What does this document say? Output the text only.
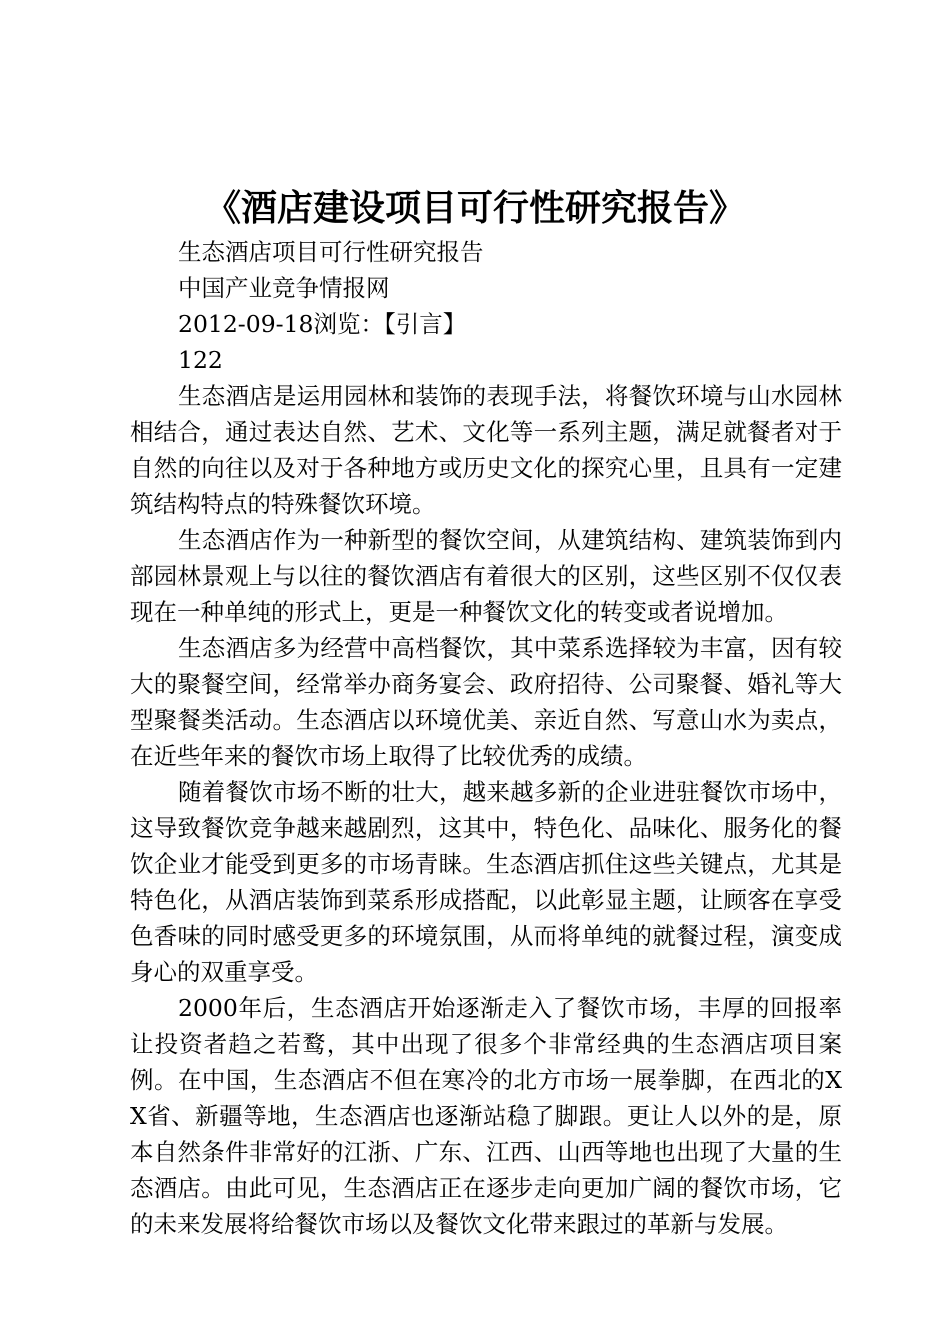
《酒店建设项目可行性研究报告》

生态酒店项目可行性研究报告

中国产业竞争情报网

2012-09-18浏览：【引言】

122

生态酒店是运用园林和装饰的表现手法，将餐饮环境与山水园林相结合，通过表达自然、艺术、文化等一系列主题，满足就餐者对于自然的向往以及对于各种地方或历史文化的探究心里，且具有一定建筑结构特点的特殊餐饮环境。

生态酒店作为一种新型的餐饮空间，从建筑结构、建筑装饰到内部园林景观上与以往的餐饮酒店有着很大的区别，这些区别不仅仅表现在一种单纯的形式上，更是一种餐饮文化的转变或者说增加。

生态酒店多为经营中高档餐饮，其中菜系选择较为丰富，因有较大的聚餐空间，经常举办商务宴会、政府招待、公司聚餐、婚礼等大型聚餐类活动。生态酒店以环境优美、亲近自然、写意山水为卖点，在近些年来的餐饮市场上取得了比较优秀的成绩。

随着餐饮市场不断的壮大，越来越多新的企业进驻餐饮市场中，这导致餐饮竞争越来越剧烈，这其中，特色化、品味化、服务化的餐饮企业才能受到更多的市场青睐。生态酒店抓住这些关键点，尤其是特色化，从酒店装饰到菜系形成搭配，以此彰显主题，让顾客在享受色香味的同时感受更多的环境氛围，从而将单纯的就餐过程，演变成身心的双重享受。

2000年后，生态酒店开始逐渐走入了餐饮市场，丰厚的回报率让投资者趋之若鹜，其中出现了很多个非常经典的生态酒店项目案例。在中国，生态酒店不但在寒冷的北方市场一展拳脚，在西北的XX省、新疆等地，生态酒店也逐渐站稳了脚跟。更让人以外的是，原本自然条件非常好的江浙、广东、江西、山西等地也出现了大量的生态酒店。由此可见，生态酒店正在逐步走向更加广阔的餐饮市场，它的未来发展将给餐饮市场以及餐饮文化带来跟过的革新与发展。
